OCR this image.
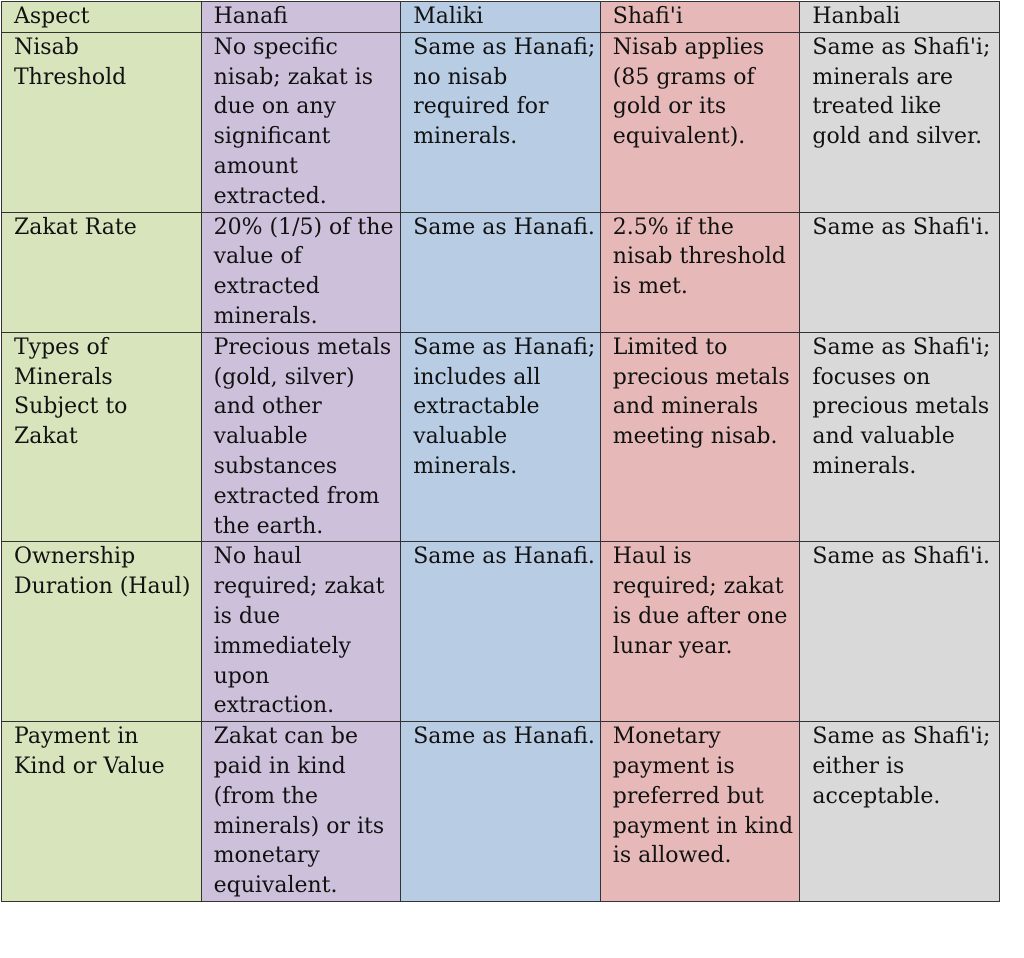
Aspect	Hanafi	Maliki	Shafi'i	Hanbali
Nisab Threshold	No specific nisab; zakat is due on any significant amount extracted.	Same as Hanafi; no nisab required for minerals.	Nisab applies (85 grams of gold or its equivalent).	Same as Shafi'i; minerals are treated like gold and silver.
Zakat Rate	20% (1/5) of the value of extracted minerals.	Same as Hanafi.	2.5% if the nisab threshold is met.	Same as Shafi'i.
Types of Minerals Subject to Zakat	Precious metals (gold, silver) and other valuable substances extracted from the earth.	Same as Hanafi; includes all extractable valuable minerals.	Limited to precious metals and minerals meeting nisab.	Same as Shafi'i; focuses on precious metals and valuable minerals.
Ownership Duration (Haul)	No haul required; zakat is due immediately upon extraction.	Same as Hanafi.	Haul is required; zakat is due after one lunar year.	Same as Shafi'i.
Payment in Kind or Value	Zakat can be paid in kind (from the minerals) or its monetary equivalent.	Same as Hanafi.	Monetary payment is preferred but payment in kind is allowed.	Same as Shafi'i; either is acceptable.
